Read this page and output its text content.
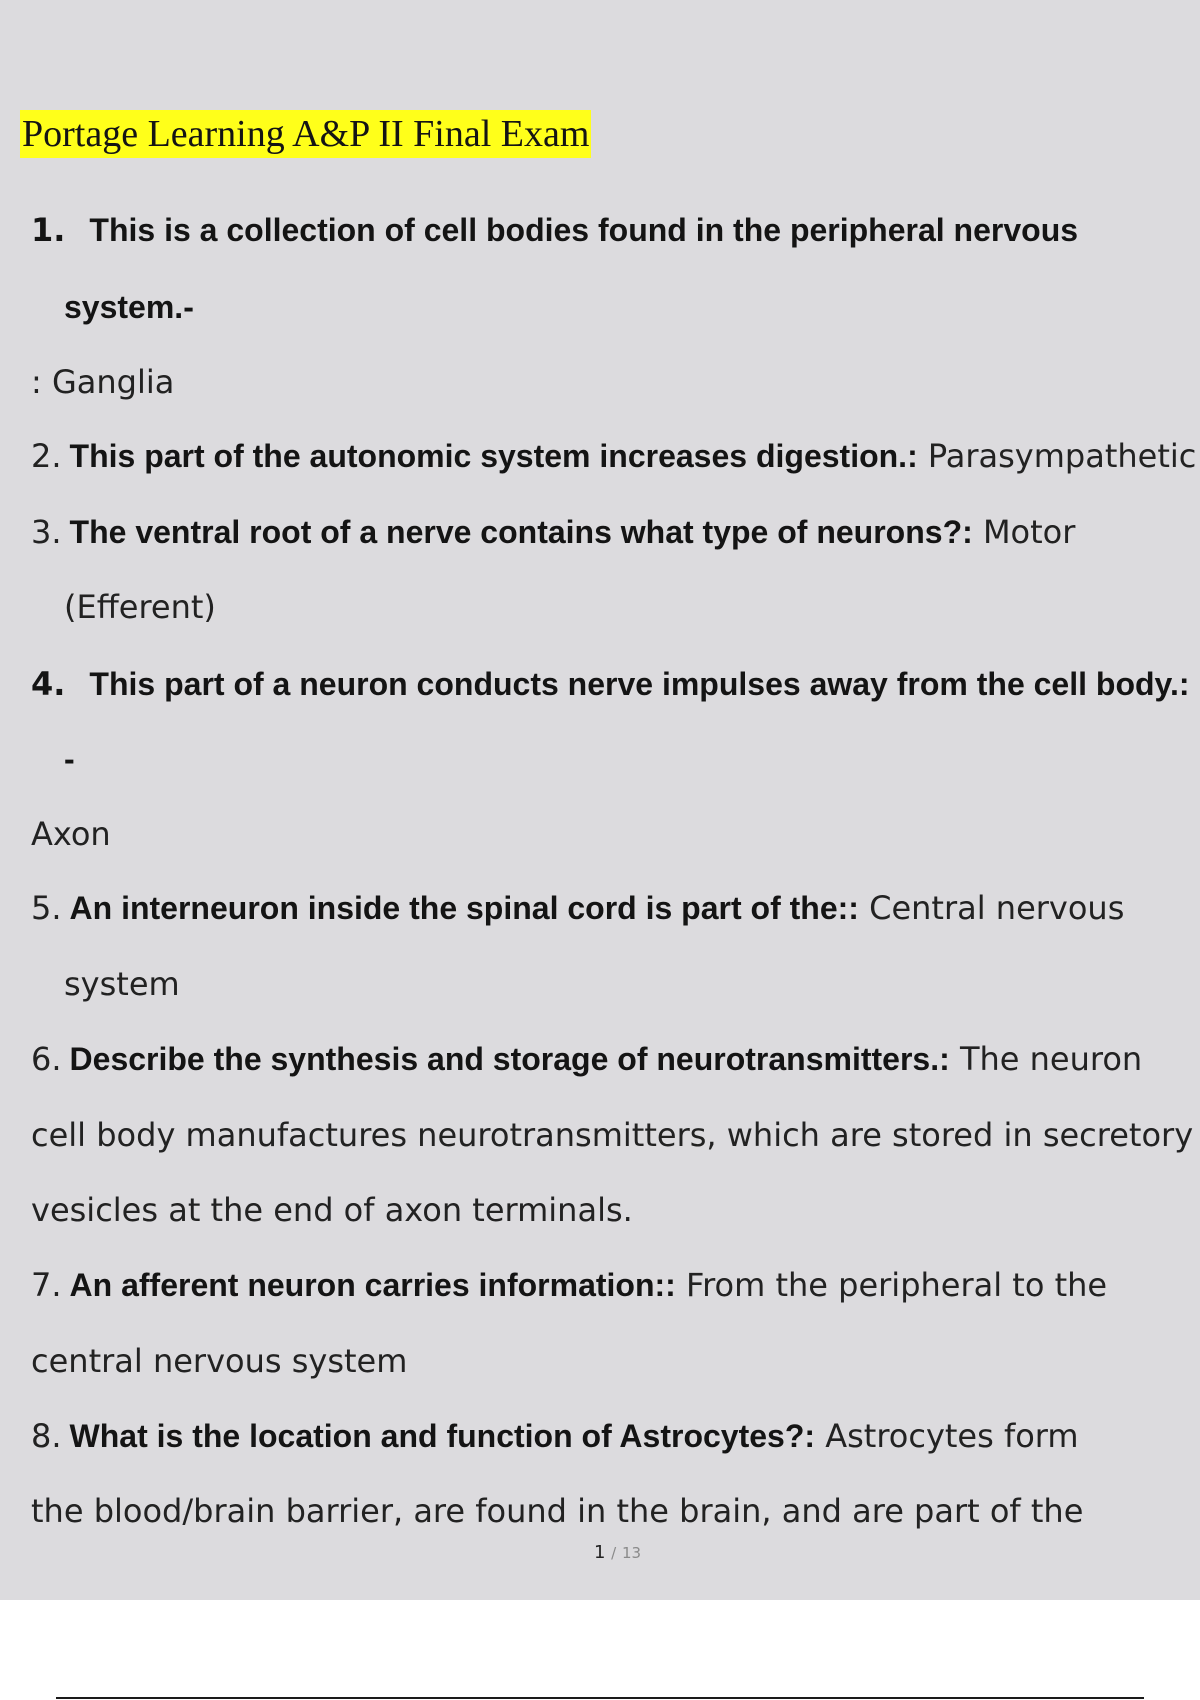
Portage Learning A&P II Final Exam
1. This is a collection of cell bodies found in the peripheral nervous
system.-
: Ganglia
2. This part of the autonomic system increases digestion.: Parasympathetic
3. The ventral root of a nerve contains what type of neurons?: Motor
(Efferent)
4. This part of a neuron conducts nerve impulses away from the cell body.:
-
Axon
5. An interneuron inside the spinal cord is part of the:: Central nervous
system
6. Describe the synthesis and storage of neurotransmitters.: The neuron
cell body manufactures neurotransmitters, which are stored in secretory
vesicles at the end of axon terminals.
7. An afferent neuron carries information:: From the peripheral to the
central nervous system
8. What is the location and function of Astrocytes?: Astrocytes form
the blood/brain barrier, are found in the brain, and are part of the
1 / 13
